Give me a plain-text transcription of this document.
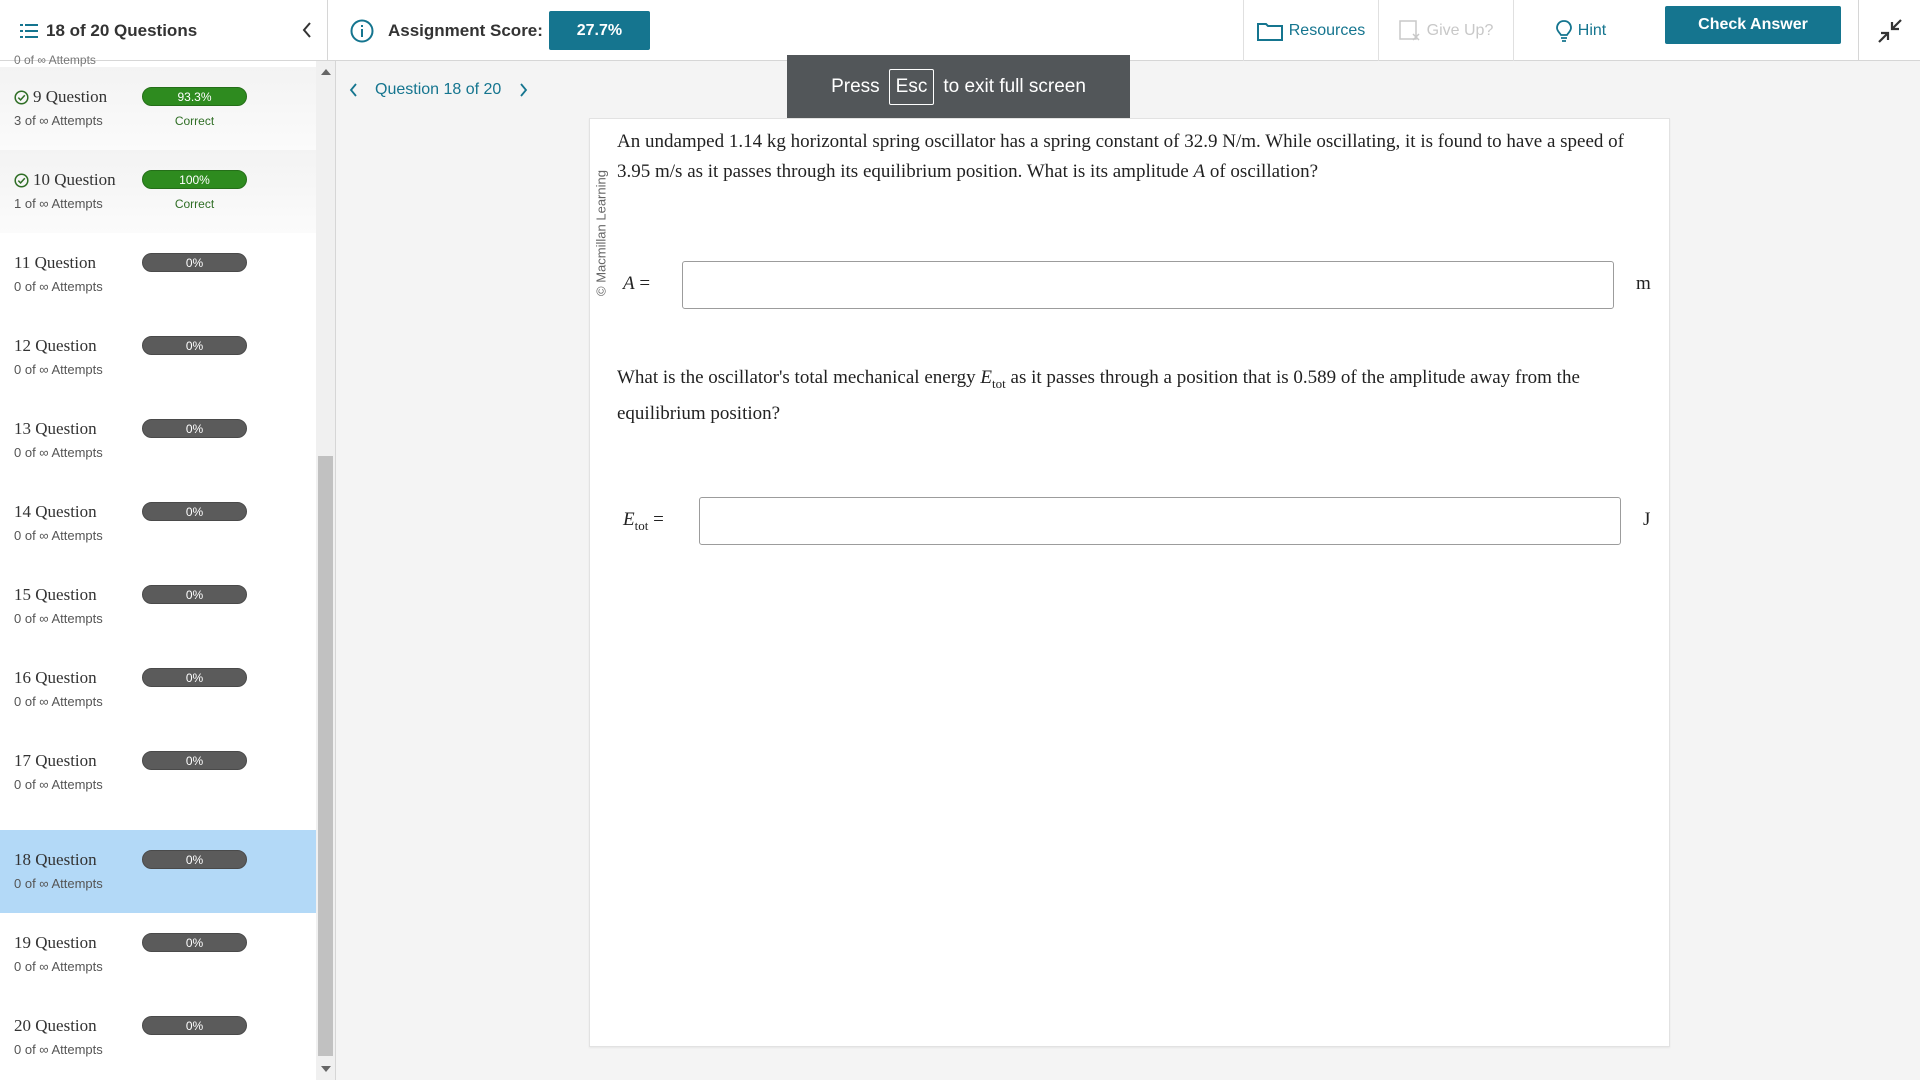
18 of 20 Questions	Assignment Score:	27.7%	Resources	Give Up?	Hint	Check Answer
0 of ∞ Attempts
9 Question
3 of ∞ Attempts
93.3%
Correct
10 Question
1 of ∞ Attempts
100%
Correct
11 Question
0 of ∞ Attempts
0%
12 Question
0 of ∞ Attempts
0%
13 Question
0 of ∞ Attempts
0%
14 Question
0 of ∞ Attempts
0%
15 Question
0 of ∞ Attempts
0%
16 Question
0 of ∞ Attempts
0%
17 Question
0 of ∞ Attempts
0%
18 Question
0 of ∞ Attempts
0%
19 Question
0 of ∞ Attempts
0%
20 Question
0 of ∞ Attempts
0%
Question 18 of 20	Press Esc to exit full screen
© Macmillan Learning
An undamped 1.14 kg horizontal spring oscillator has a spring constant of 32.9 N/m. While oscillating, it is found to have a speed of 3.95 m/s as it passes through its equilibrium position. What is its amplitude A of oscillation?
A =	m
What is the oscillator's total mechanical energy $E_{tot}$ as it passes through a position that is 0.589 of the amplitude away from the equilibrium position?
$E_{tot}$ =	J
